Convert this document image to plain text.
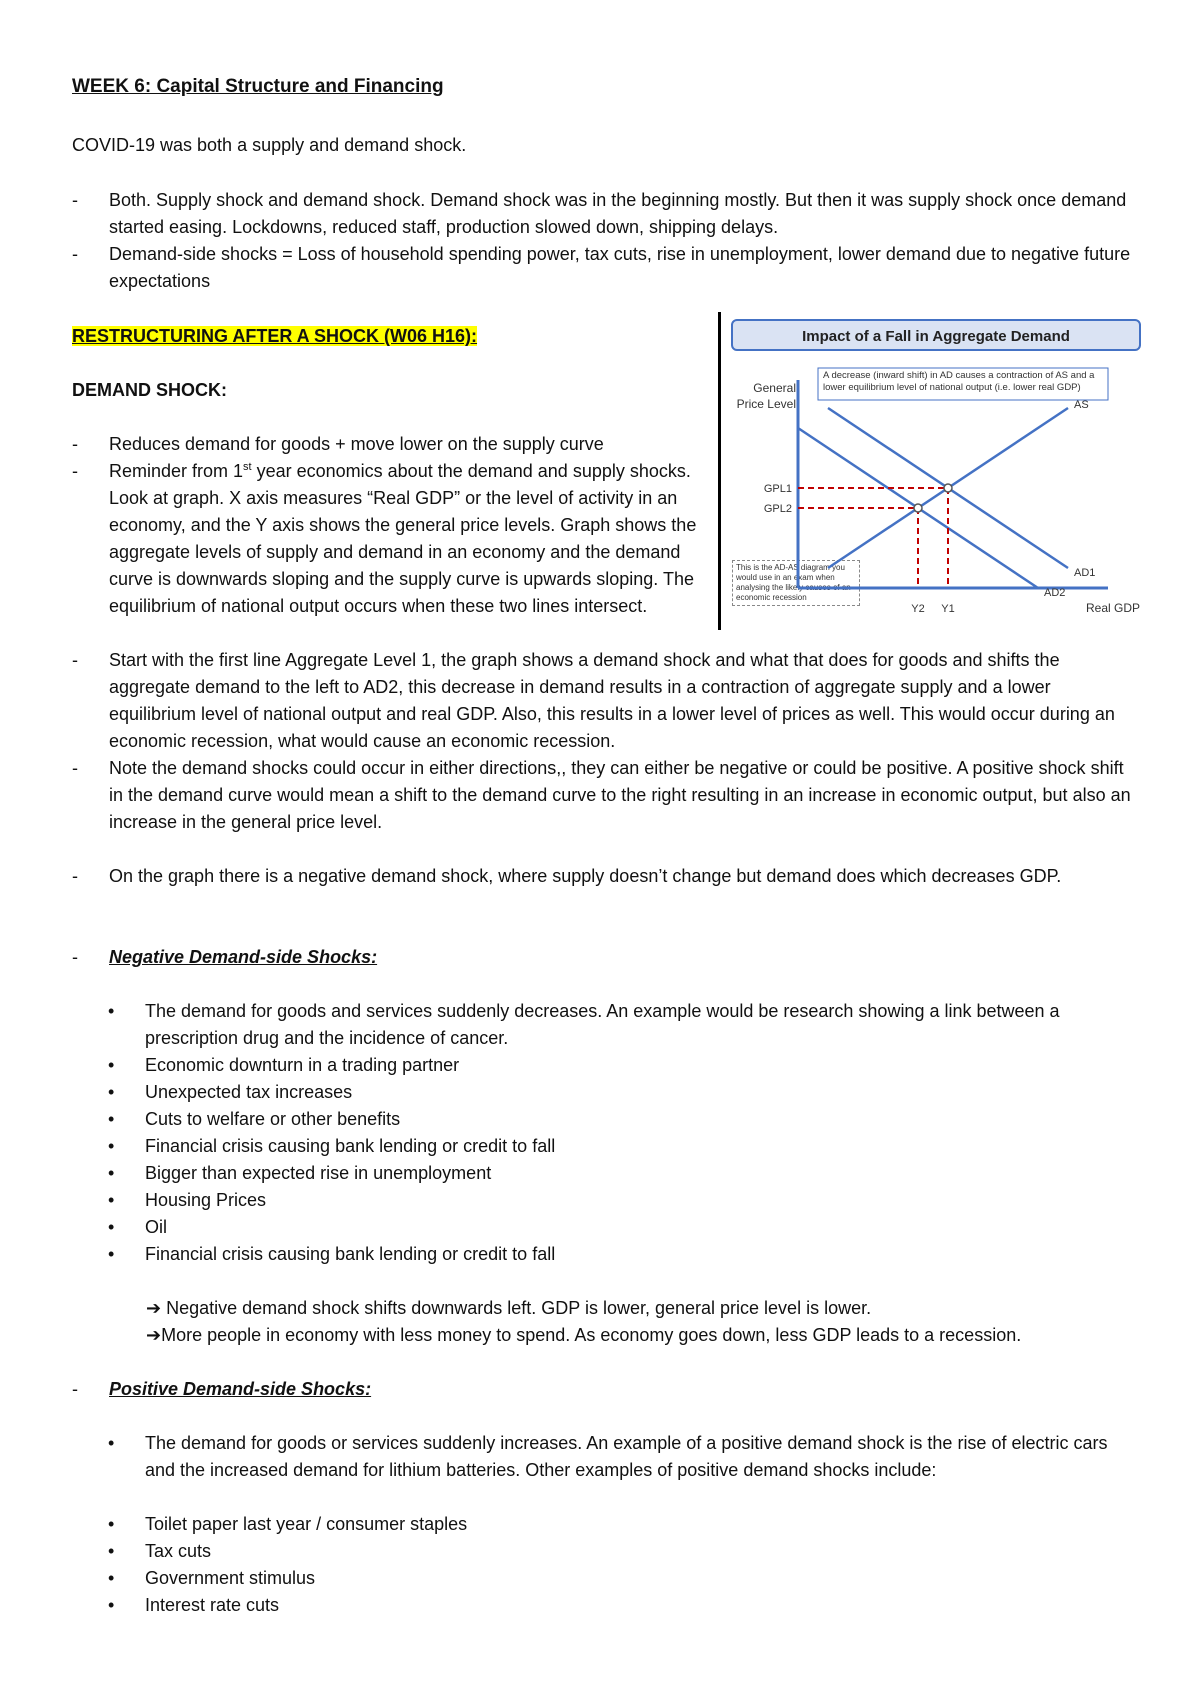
WEEK 6: Capital Structure and Financing
COVID-19 was both a supply and demand shock.
-	Both. Supply shock and demand shock. Demand shock was in the beginning mostly. But then it was supply shock once demand started easing. Lockdowns, reduced staff, production slowed down, shipping delays.
-	Demand-side shocks = Loss of household spending power, tax cuts, rise in unemployment, lower demand due to negative future expectations
RESTRUCTURING AFTER A SHOCK (W06 H16):
DEMAND SHOCK:
-	Reduces demand for goods + move lower on the supply curve
-	Reminder from 1st year economics about the demand and supply shocks. Look at graph. X axis measures “Real GDP” or the level of activity in an economy, and the Y axis shows the general price levels. Graph shows the aggregate levels of supply and demand in an economy and the demand curve is downwards sloping and the supply curve is upwards sloping. The equilibrium of national output occurs when these two lines intersect.
Impact of a Fall in Aggregate Demand
A decrease (inward shift) in AD causes a contraction of AS and a lower equilibrium level of national output (i.e. lower real GDP)
General
Price Level
Real GDP
This is the AD-AS diagram you would use in an exam when analysing the likely causes of an economic recession
AS
AD1
AD2
GPL1
Y1
GPL2
Y2
-	Start with the first line Aggregate Level 1, the graph shows a demand shock and what that does for goods and shifts the aggregate demand to the left to AD2, this decrease in demand results in a contraction of aggregate supply and a lower equilibrium level of national output and real GDP. Also, this results in a lower level of prices as well. This would occur during an economic recession, what would cause an economic recession.
-	Note the demand shocks could occur in either directions,, they can either be negative or could be positive. A positive shock shift in the demand curve would mean a shift to the demand curve to the right resulting in an increase in economic output, but also an increase in the general price level.
-	On the graph there is a negative demand shock, where supply doesn’t change but demand does which decreases GDP.
-	Negative Demand-side Shocks:
• The demand for goods and services suddenly decreases. An example would be research showing a link between a prescription drug and the incidence of cancer.
• Economic downturn in a trading partner
• Unexpected tax increases
• Cuts to welfare or other benefits
• Financial crisis causing bank lending or credit to fall
• Bigger than expected rise in unemployment
• Housing Prices
• Oil
• Financial crisis causing bank lending or credit to fall
➔ Negative demand shock shifts downwards left. GDP is lower, general price level is lower.
➔More people in economy with less money to spend. As economy goes down, less GDP leads to a recession.
-	Positive Demand-side Shocks:
• The demand for goods or services suddenly increases. An example of a positive demand shock is the rise of electric cars and the increased demand for lithium batteries. Other examples of positive demand shocks include:
• Toilet paper last year / consumer staples
• Tax cuts
• Government stimulus
• Interest rate cuts
